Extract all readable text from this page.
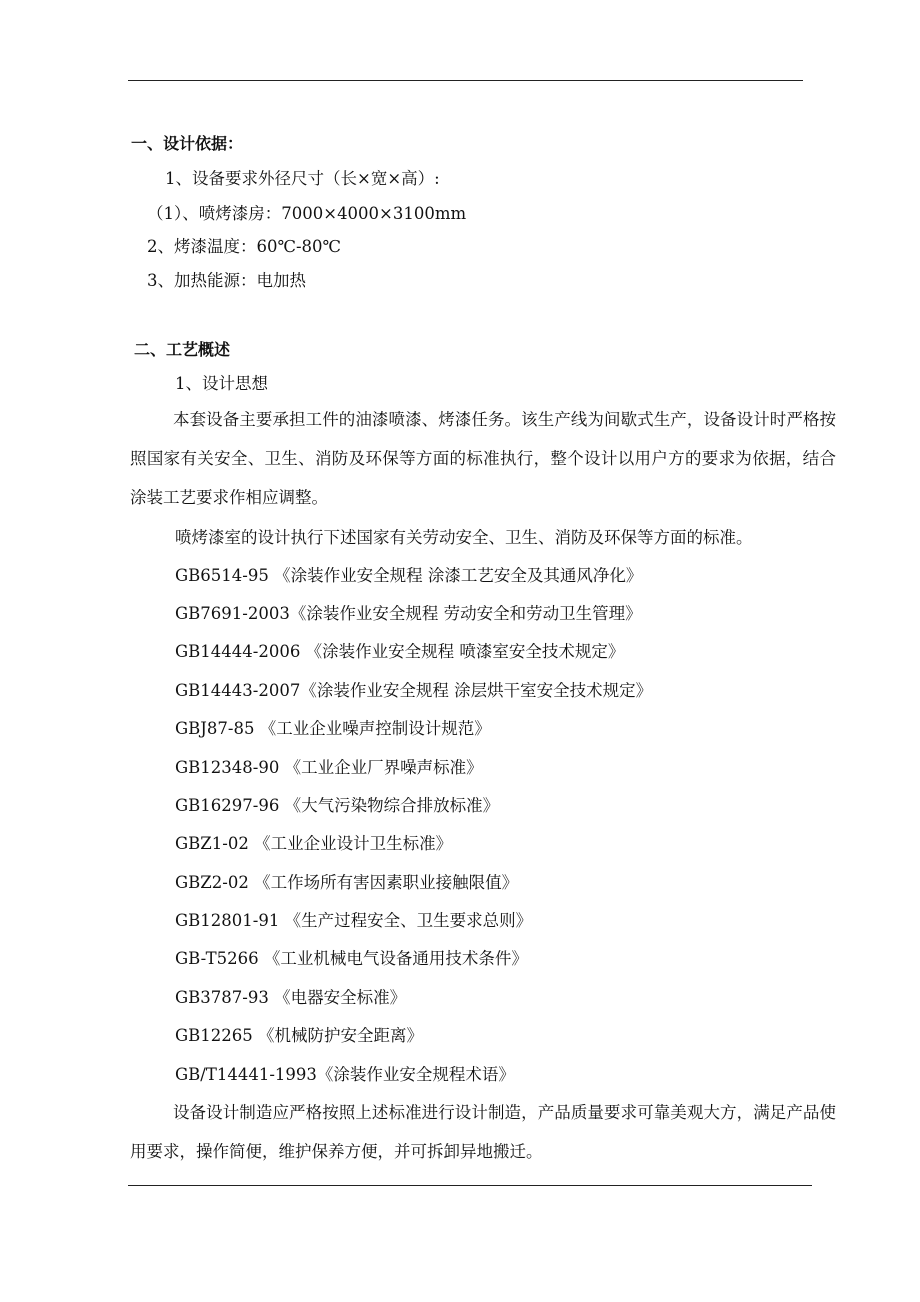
一、设计依据：
1、设备要求外径尺寸（长×宽×高）:
（1）、喷烤漆房：7000×4000×3100mm
2、烤漆温度：60℃-80℃
3、加热能源：电加热
二、工艺概述
1、设计思想
本套设备主要承担工件的油漆喷漆、烤漆任务。该生产线为间歇式生产，设备设计时严格按照国家有关安全、卫生、消防及环保等方面的标准执行，整个设计以用户方的要求为依据，结合涂装工艺要求作相应调整。
喷烤漆室的设计执行下述国家有关劳动安全、卫生、消防及环保等方面的标准。
GB6514-95 《涂装作业安全规程 涂漆工艺安全及其通风净化》
GB7691-2003《涂装作业安全规程 劳动安全和劳动卫生管理》
GB14444-2006 《涂装作业安全规程 喷漆室安全技术规定》
GB14443-2007《涂装作业安全规程 涂层烘干室安全技术规定》
GBJ87-85 《工业企业噪声控制设计规范》
GB12348-90 《工业企业厂界噪声标准》
GB16297-96 《大气污染物综合排放标准》
GBZ1-02 《工业企业设计卫生标准》
GBZ2-02 《工作场所有害因素职业接触限值》
GB12801-91 《生产过程安全、卫生要求总则》
GB-T5266 《工业机械电气设备通用技术条件》
GB3787-93 《电器安全标准》
GB12265 《机械防护安全距离》
GB/T14441-1993《涂装作业安全规程术语》
设备设计制造应严格按照上述标准进行设计制造，产品质量要求可靠美观大方，满足产品使用要求，操作简便，维护保养方便，并可拆卸异地搬迁。
